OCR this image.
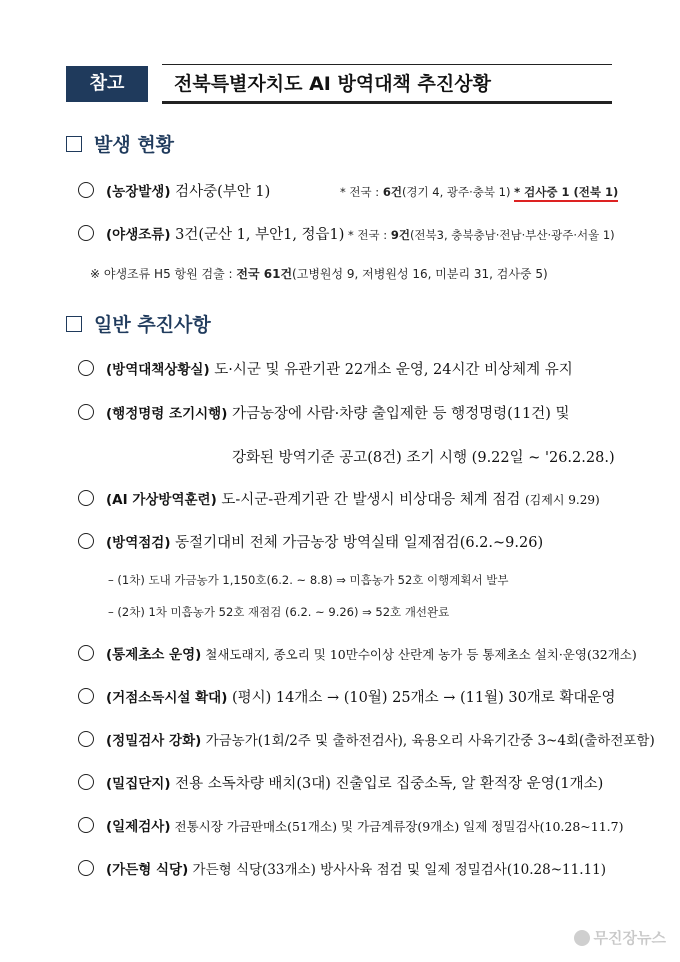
참고	전북특별자치도 AI 방역대책 추진상황
발생 현황
(농장발생) 검사중(부안 1)	* 전국 : 6건(경기 4, 광주·충북 1) * 검사중 1 (전북 1)
(야생조류) 3건(군산 1, 부안1, 정읍1) * 전국 : 9건(전북3, 충북충남·전남·부산·광주·서울 1)
※ 야생조류 H5 항원 검출 : 전국 61건(고병원성 9, 저병원성 16, 미분리 31, 검사중 5)
일반 추진사항
(방역대책상황실) 도·시군 및 유관기관 22개소 운영, 24시간 비상체계 유지
(행정명령 조기시행) 가금농장에 사람·차량 출입제한 등 행정명령(11건) 및
강화된 방역기준 공고(8건) 조기 시행 (9.22일 ~ '26.2.28.)
(AI 가상방역훈련) 도-시군-관계기관 간 발생시 비상대응 체계 점검 (김제시 9.29)
(방역점검) 동절기대비 전체 가금농장 방역실태 일제점검(6.2.~9.26)
– (1차) 도내 가금농가 1,150호(6.2. ~ 8.8) ⇒ 미흡농가 52호 이행계획서 발부
– (2차) 1차 미흡농가 52호 재점검 (6.2. ~ 9.26) ⇒ 52호 개선완료
(통제초소 운영) 철새도래지, 종오리 및 10만수이상 산란계 농가 등 통제초소 설치·운영(32개소)
(거점소독시설 확대) (평시) 14개소 → (10월) 25개소 → (11월) 30개로 확대운영
(정밀검사 강화) 가금농가(1회/2주 및 출하전검사), 육용오리 사육기간중 3~4회(출하전포함)
(밀집단지) 전용 소독차량 배치(3대) 진출입로 집중소독, 알 환적장 운영(1개소)
(일제검사) 전통시장 가금판매소(51개소) 및 가금계류장(9개소) 일제 정밀검사(10.28~11.7)
(가든형 식당) 가든형 식당(33개소) 방사사육 점검 및 일제 정밀검사(10.28~11.11)
무진장뉴스
